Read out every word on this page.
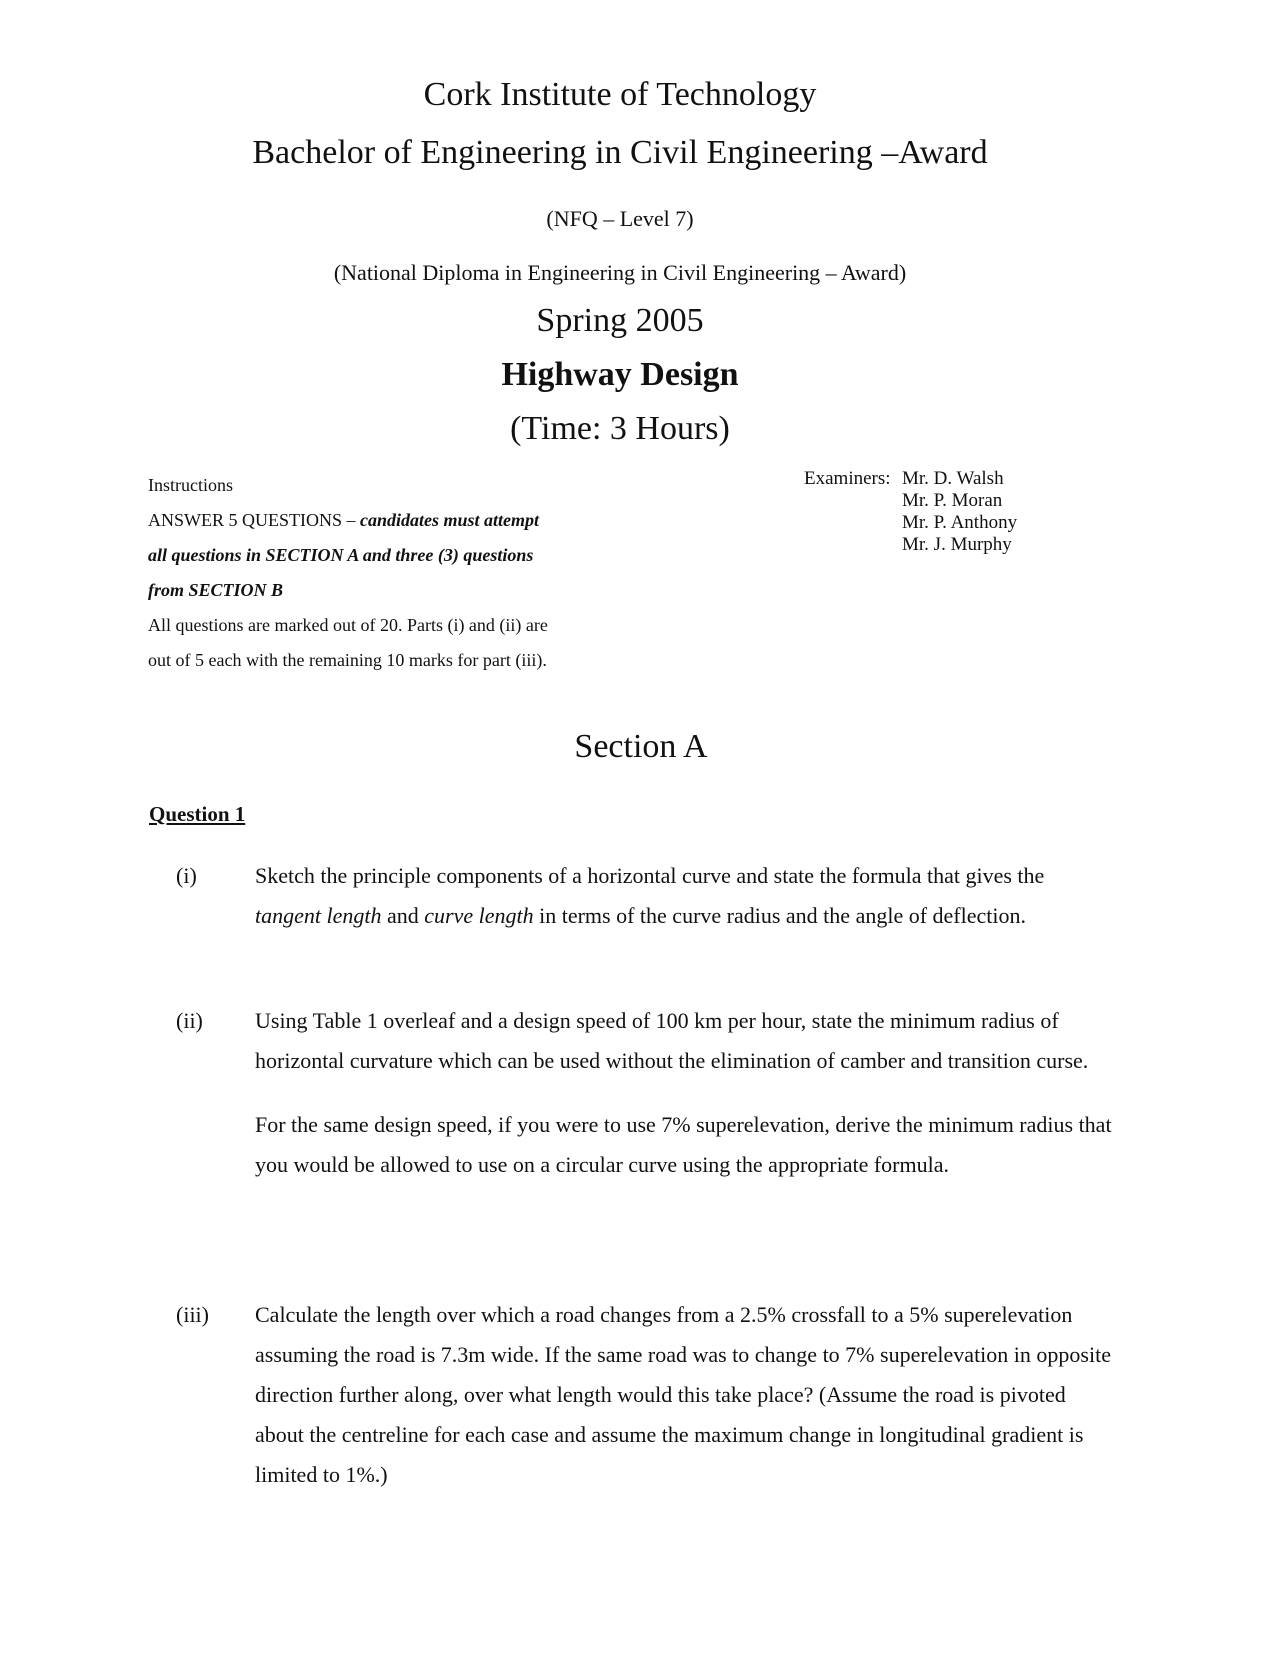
Cork Institute of Technology
Bachelor of Engineering in Civil Engineering –Award
(NFQ – Level 7)
(National Diploma in Engineering in Civil Engineering – Award)
Spring 2005
Highway Design
(Time: 3 Hours)
Instructions
ANSWER 5 QUESTIONS – candidates must attempt
all questions in SECTION A and three (3) questions
from SECTION B
All questions are marked out of 20. Parts (i) and (ii) are
out of 5 each with the remaining 10 marks for part (iii).
Examiners: Mr. D. Walsh
Mr. P. Moran
Mr. P. Anthony
Mr. J. Murphy
Section A
Question 1
(i)	Sketch the principle components of a horizontal curve and state the formula that gives the tangent length and curve length in terms of the curve radius and the angle of deflection.
(ii) Using Table 1 overleaf and a design speed of 100 km per hour, state the minimum radius of horizontal curvature which can be used without the elimination of camber and transition curse.

For the same design speed, if you were to use 7% superelevation, derive the minimum radius that you would be allowed to use on a circular curve using the appropriate formula.

(iii) Calculate the length over which a road changes from a 2.5% crossfall to a 5% superelevation assuming the road is 7.3m wide. If the same road was to change to 7% superelevation in opposite direction further along, over what length would this take place? (Assume the road is pivoted about the centreline for each case and assume the maximum change in longitudinal gradient is limited to 1%.)
